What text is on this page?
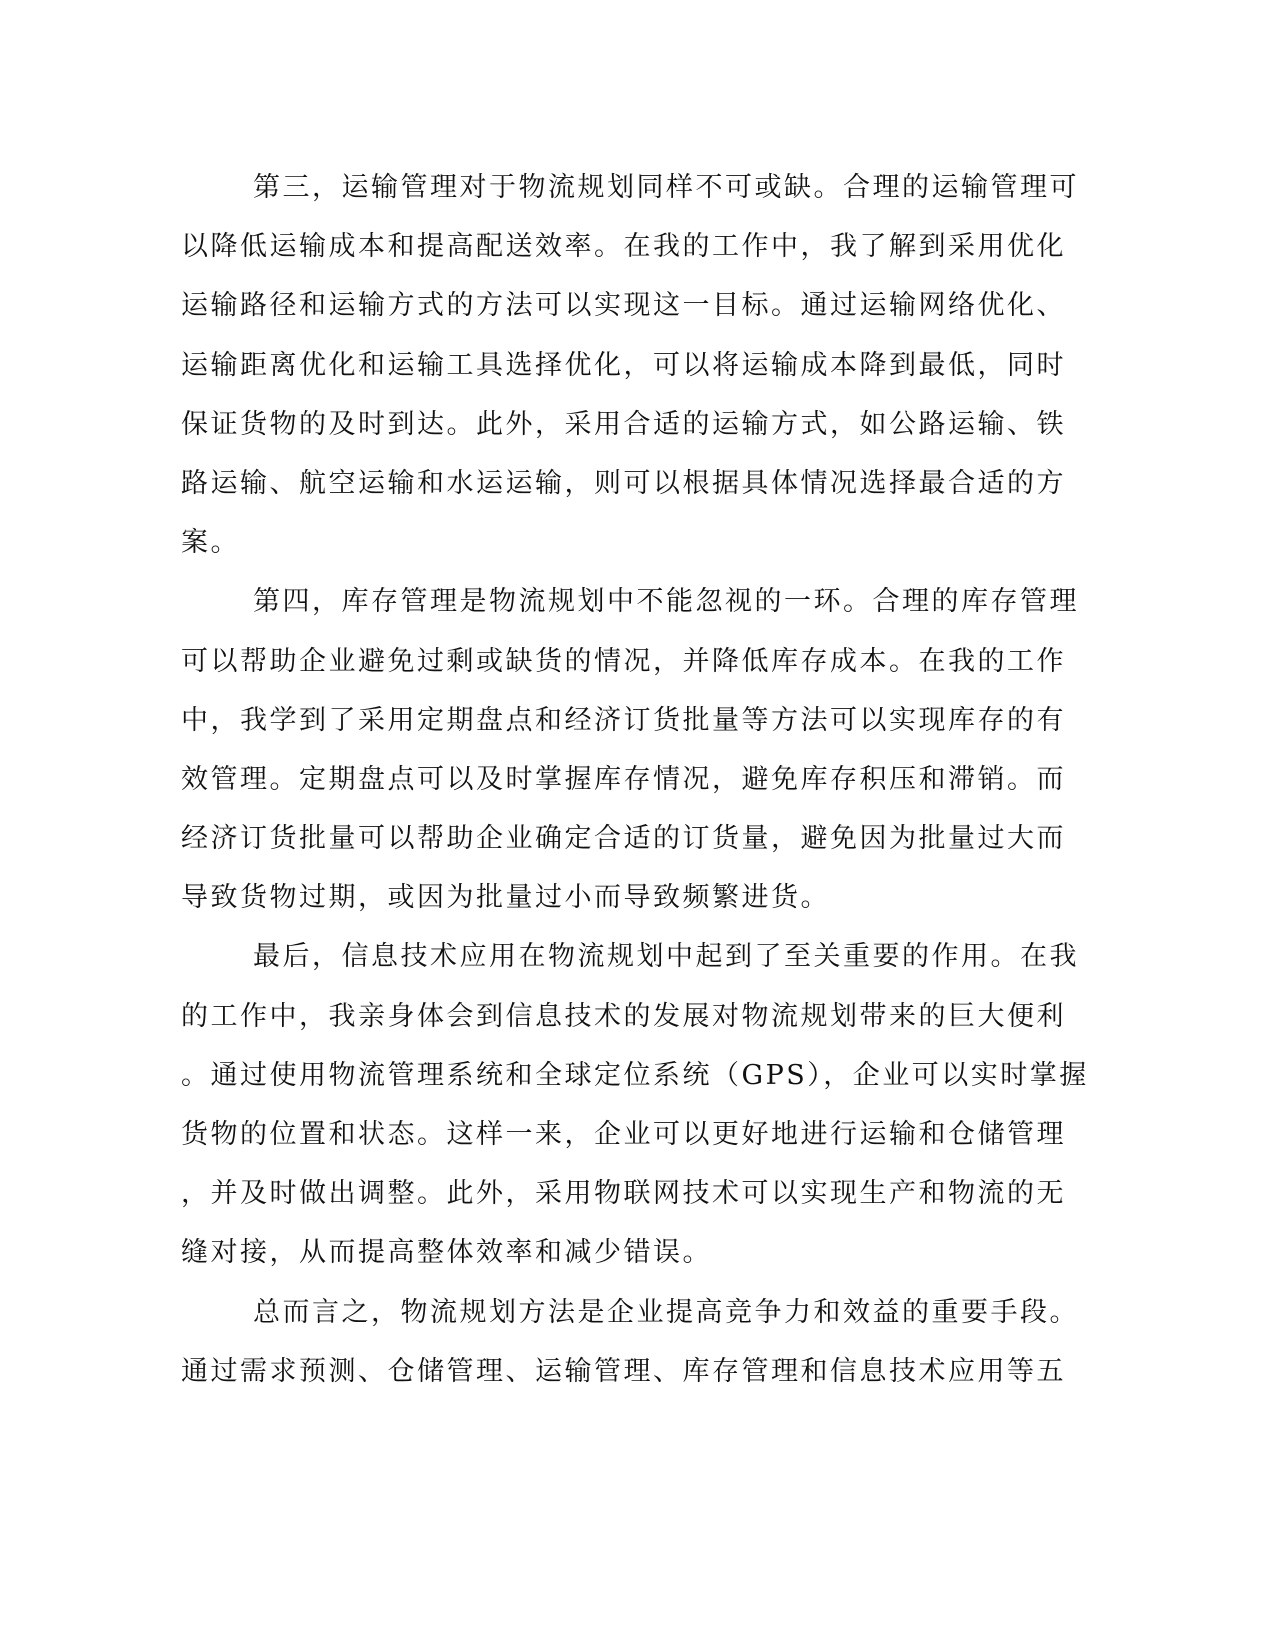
第三，运输管理对于物流规划同样不可或缺。合理的运输管理可
以降低运输成本和提高配送效率。在我的工作中，我了解到采用优化
运输路径和运输方式的方法可以实现这一目标。通过运输网络优化、
运输距离优化和运输工具选择优化，可以将运输成本降到最低，同时
保证货物的及时到达。此外，采用合适的运输方式，如公路运输、铁
路运输、航空运输和水运运输，则可以根据具体情况选择最合适的方
案。

第四，库存管理是物流规划中不能忽视的一环。合理的库存管理
可以帮助企业避免过剩或缺货的情况，并降低库存成本。在我的工作
中，我学到了采用定期盘点和经济订货批量等方法可以实现库存的有
效管理。定期盘点可以及时掌握库存情况，避免库存积压和滞销。而
经济订货批量可以帮助企业确定合适的订货量，避免因为批量过大而
导致货物过期，或因为批量过小而导致频繁进货。

最后，信息技术应用在物流规划中起到了至关重要的作用。在我
的工作中，我亲身体会到信息技术的发展对物流规划带来的巨大便利
。通过使用物流管理系统和全球定位系统（GPS），企业可以实时掌握
货物的位置和状态。这样一来，企业可以更好地进行运输和仓储管理
，并及时做出调整。此外，采用物联网技术可以实现生产和物流的无
缝对接，从而提高整体效率和减少错误。

总而言之，物流规划方法是企业提高竞争力和效益的重要手段。
通过需求预测、仓储管理、运输管理、库存管理和信息技术应用等五
